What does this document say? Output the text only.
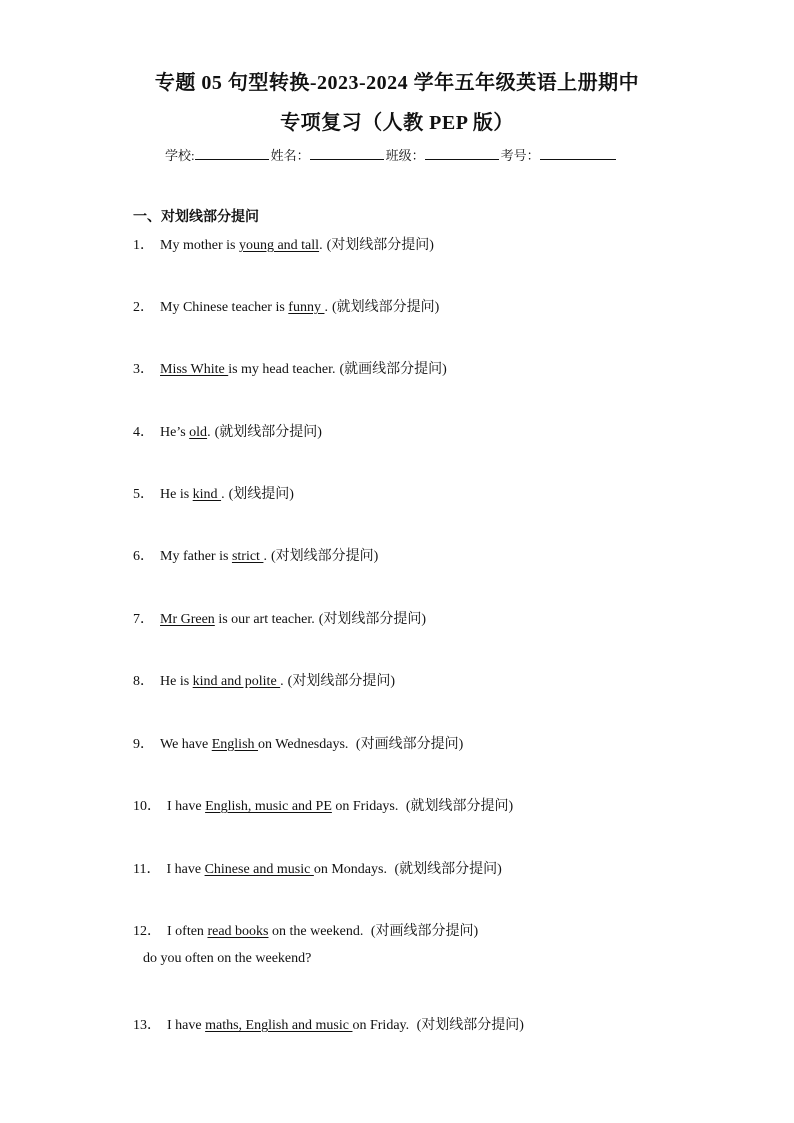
专题 05 句型转换-2023-2024 学年五年级英语上册期中
专项复习（人教 PEP 版）
学校:	姓名：	班级：	考号：
一、对划线部分提问
1． My mother is young and tall. (对划线部分提问)
2． My Chinese teacher is funny . (就划线部分提问)
3． Miss White is my head teacher. (就画线部分提问)
4． He’s old. (就划线部分提问)
5． He is kind . (划线提问)
6． My father is strict . (对划线部分提问)
7． Mr Green is our art teacher. (对划线部分提问)
8． He is kind and polite . (对划线部分提问)
9． We have English on Wednesdays. (对画线部分提问)
10． I have English, music and PE on Fridays. (就划线部分提问)
11． I have Chinese and music on Mondays. (就划线部分提问)
12． I often read books on the weekend. (对画线部分提问)
do you often on the weekend?
13． I have maths, English and music on Friday. (对划线部分提问)
